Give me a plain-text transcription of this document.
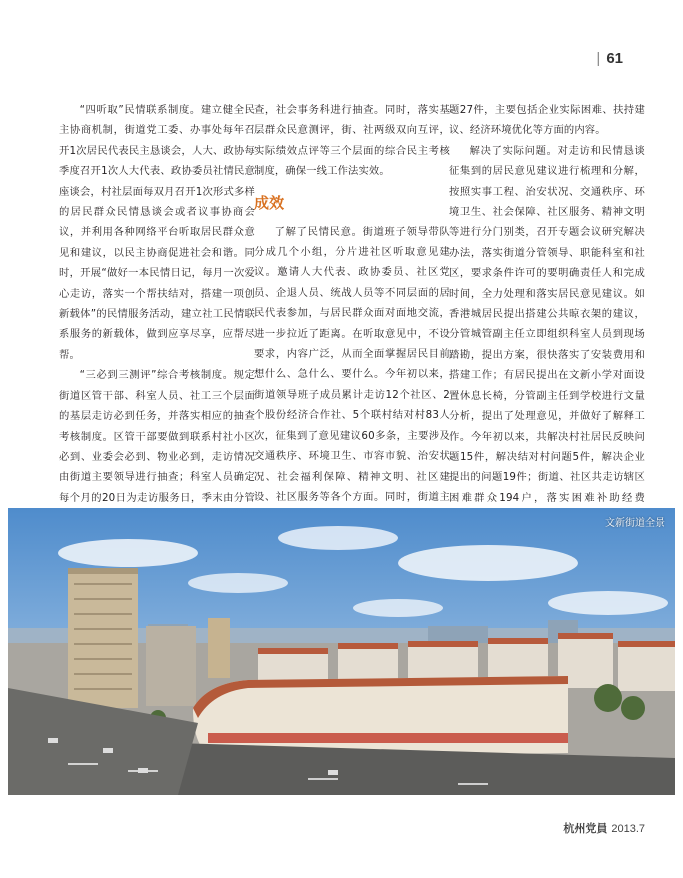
| 61

“四听取”民情联系制度。建立健全民主协商机制，街道党工委、办事处每年召开1次居民代表民主恳谈会，人大、政协每季度召开1次人大代表、政协委员社情民意座谈会，村社层面每双月召开1次形式多样的居民群众民情恳谈会或者议事协商会议，并利用各种网络平台听取居民群众意见和建议，以民主协商促进社会和谐。同时，开展“做好一本民情日记，每月一次爱心走访，落实一个帮扶结对，搭建一项创新载体”的民情服务活动，建立社工民情联系服务的新载体，做到应享尽享，应帮尽帮。

“三必到三测评”综合考核制度。规定街道区管干部、科室人员、社工三个层面的基层走访必到任务，并落实相应的抽查考核制度。区管干部要做到联系村社小区必到、业委会必到、物业必到，走访情况由街道主要领导进行抽查；科室人员确定每个月的20日为走访服务日，季末由分管

查，社会事务科进行抽查。同时，落实基层群众民意测评，街、社两级双向互评，实际绩效点评等三个层面的综合民主考核制度，确保一线工作法实效。

成效

了解了民情民意。街道班子领导带队分成几个小组，分片进社区听取意见建议。邀请人大代表、政协委员、社区党员、企退人员、统战人员等不同层面的居民代表参加，与居民群众面对面地交流，进一步拉近了距离。在听取意见中，不设要求，内容广泛，从而全面掌握居民目前想什么、急什么、要什么。今年初以来，街道领导班子成员累计走访12个社区、2个股份经济合作社、5个联村结对村83人次，征集到了意见建议60多条，主要涉及交通秩序、环境卫生、市容市貌、治安状况、社会福利保障、精神文明、社区建设、社区服务等各个方面。同时，街道主

题27件，主要包括企业实际困难、扶持建议、经济环境优化等方面的内容。

解决了实际问题。对走访和民情恳谈征集到的居民意见建议进行梳理和分解，按照实事工程、治安状况、交通秩序、环境卫生、社会保障、社区服务、精神文明等进行分门别类，召开专题会议研究解决办法，落实街道分管领导、职能科室和社区，要求条件许可的要明确责任人和完成时间，全力处理和落实居民意见建议。如香港城居民提出搭建公共晾衣架的建议，分管城管副主任立即组织科室人员到现场踏勘，提出方案，很快落实了安装费用和搭建工作；有居民提出在文新小学对面设置休息长椅，分管副主任到学校进行文量分析，提出了处理意见，并做好了解释工作。今年初以来，共解决村社居民反映问题15件，解决结对村问题5件，解决企业提出的问题19件；街道、社区共走访辖区困难群众194户，落实困难补助经费

文新街道全景
杭州党員 2013.7
